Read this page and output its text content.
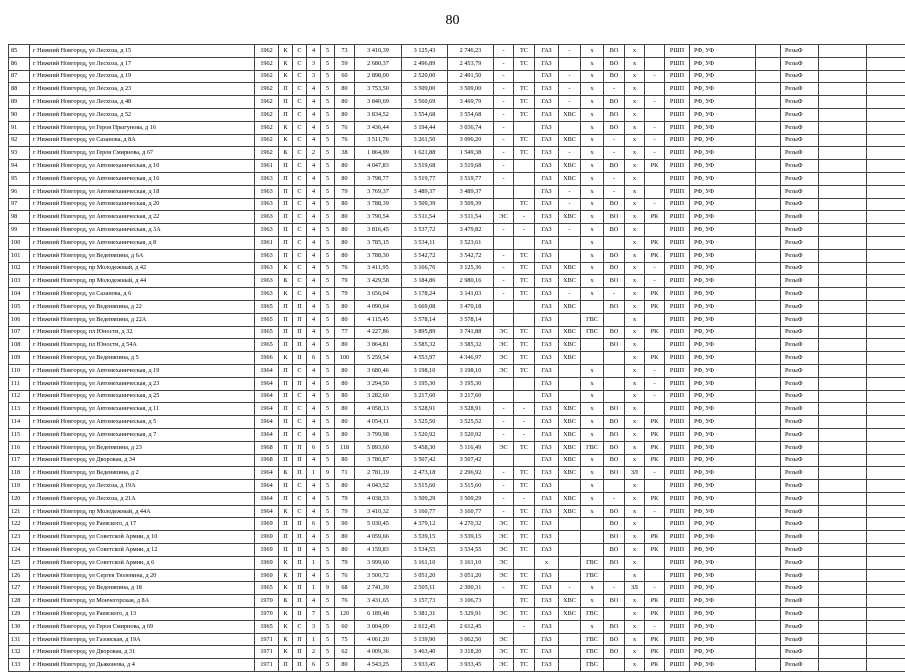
80
85	г Нижний Новгород, ул Лесхоза, д 15	1962	К	С	4	5	73	3 410,39	3 125,43	2 746,23	-	ТС	ГАЗ	-	х	ВО	х		РШП	РФ, УФ		РезыФ		
86	г Нижний Новгород, ул Лесхоза, д 17	1962	К	С	3	5	59	2 680,37	2 496,89	2 453,79	-	ТС	ГАЗ		х	ВО	х		РШП	РФ, УФ		РезыФ		
87	г Нижний Новгород, ул Лесхоза, д 19	1962	К	С	3	5	60	2 898,00	2 520,00	2 491,50	-		ГАЗ	-	х	ВО	х	-	РШП	РФ, УФ		РезыФ		
88	г Нижний Новгород, ул Лесхоза, д 23	1962	П	С	4	5	80	3 753,50	3 509,00	3 509,00	-	ТС	ГАЗ	-	х	-	х		РШП	РФ, УФ		РезыФ		
89	г Нижний Новгород, ул Лесхоза, д 48	1962	П	С	4	5	80	3 840,69	3 560,69	3 469,79	-	ТС	ГАЗ	-	х	ВО	х	-	РШП	РФ, УФ		РезыФ		
90	г Нижний Новгород, ул Лесхоза, д 52	1962	П	С	4	5	80	3 834,52	3 554,68	3 554,68	-	ТС	ГАЗ	ХВС	х	ВО	х		РШП	РФ, УФ		РезыФ		
91	г Нижний Новгород, ул Героя Прыгунова, д 16	1962	К	С	4	5	76	3 436,44	3 194,44	3 036,74	-		ГАЗ		х	ВО	х	-	РШП	РФ, УФ		РезыФ		
92	г Нижний Новгород, ул Сазанова, д 8А	1962	К	С	4	5	76	3 511,76	3 261,50	3 096,20	-	ТС	ГАЗ	ХВС	х	-	х	-	РШП	РФ, УФ		РезыФ		
93	г Нижний Новгород, ул Героя Смирнова, д 67	1962	К	С	2	5	38	1 864,99	1 621,88	1 549,38	-	ТС	ГАЗ	-	х	-	х	-	РШП	РФ, УФ		РезыФ		
94	г Нижний Новгород, ул Автомеханическая, д 10	1961	П	С	4	5	80	4 047,83	3 519,68	3 519,68	-		ГАЗ	ХВС	х	ВО	х	РК	РШП	РФ, УФ		РезыФ		
95	г Нижний Новгород, ул Автомеханическая, д 16	1963	П	С	4	5	80	3 798,77	3 519,77	3 519,77	-		ГАЗ	ХВС	х	-	х		РШП	РФ, УФ		РезыФ		
96	г Нижний Новгород, ул Автомеханическая, д 18	1963	П	С	4	5	79	3 769,37	3 489,37	3 489,37			ГАЗ	-	х	-	х		РШП	РФ, УФ		РезыФ		
97	г Нижний Новгород, ул Автомеханическая, д 20	1963	П	С	4	5	80	3 788,39	3 509,39	3 509,39		ТС	ГАЗ	-	х	ВО	х	-	РШП	РФ, УФ		РезыФ		
98	г Нижний Новгород, ул Автомеханическая, д 22	1963	П	С	4	5	80	3 790,54	3 511,54	3 511,54	ЭС	-	ГАЗ	ХВС	х	ВО	х	РК	РШП	РФ, УФ		РезыФ		
99	г Нижний Новгород, ул Автомеханическая, д 3А	1963	П	С	4	5	80	3 816,45	3 537,72	3 479,82	-	-	ГАЗ	-	х	ВО	х		РШП	РФ, УФ		РезыФ		
100	г Нижний Новгород, ул Автомеханическая, д 8	1961	П	С	4	5	80	3 785,15	3 534,11	3 523,61			ГАЗ		х		х	РК	РШП	РФ, УФ		РезыФ		
101	г Нижний Новгород, ул Веденяпина, д 6А	1963	П	С	4	5	80	3 788,30	3 542,72	3 542,72	-	ТС	ГАЗ		х	ВО	х	РК	РШП	РФ, УФ		РезыФ		
102	г Нижний Новгород, пр Молодежный, д 42	1963	К	С	4	5	76	3 411,95	3 166,76	3 125,36	-	ТС	ГАЗ	ХВС	х	ВО	х	-	РШП	РФ, УФ		РезыФ		
103	г Нижний Новгород, пр Молодежный, д 44	1963	К	С	4	5	79	3 429,58	3 184,86	2 980,16	-	ТС	ГАЗ	ХВС	х	ВО	х	-	РШП	РФ, УФ		РезыФ		
104	г Нижний Новгород, ул Сазанова, д 6	1963	К	С	4	5	79	3 656,04	3 178,24	3 141,03	-	ТС	ГАЗ	-	х	-	х	РК	РШП	РФ, УФ		РезыФ		
105	г Нижний Новгород, ул Веденяпина, д 22	1965	П	П	4	5	80	4 090,64	3 669,08	3 470,18			ГАЗ	ХВС		ВО	х	РК	РШП	РФ, УФ		РезыФ		
106	г Нижний Новгород, ул Веденяпина, д 22А	1965	П	П	4	5	80	4 115,45	3 578,14	3 578,14			ГАЗ		ГВС		х		РШП	РФ, УФ		РезыФ		
107	г Нижний Новгород, пл Юности, д 32	1965	П	П	4	5	77	4 227,86	3 895,89	3 741,88	ЭС	ТС	ГАЗ	ХВС	ГВС	ВО	х	РК	РШП	РФ, УФ		РезыФ		
108	г Нижний Новгород, пл Юности, д 54А	1965	П	П	4	5	80	3 864,81	3 585,32	3 585,32	ЭС	ТС	ГАЗ	ХВС		ВО	х		РШП	РФ, УФ		РезыФ		
109	г Нижний Новгород, ул Веденяпина, д 5	1966	К	П	6	5	100	5 259,54	4 553,97	4 346,97	ЭС	ТС	ГАЗ	ХВС			х	РК	РШП	РФ, УФ		РезыФ		
110	г Нижний Новгород, ул Автомеханическая, д 19	1964	П	С	4	5	80	3 680,46	3 198,10	3 198,10	ЭС	ТС	ГАЗ		х		х	-	РШП	РФ, УФ		РезыФ		
111	г Нижний Новгород, ул Автомеханическая, д 23	1964	П	П	4	5	80	3 294,50	3 195,30	3 195,30			ГАЗ		х		х	-	РШП	РФ, УФ		РезыФ		
112	г Нижний Новгород, ул Автомеханическая, д 25	1964	П	С	4	5	80	3 282,60	3 217,60	3 217,60			ГАЗ		х		х	-	РШП	РФ, УФ		РезыФ		
113	г Нижний Новгород, ул Автомеханическая, д 11	1964	П	С	4	5	80	4 058,13	3 528,91	3 528,91	-	-	ГАЗ	ХВС	х	ВО	х		РШП	РФ, УФ		РезыФ		
114	г Нижний Новгород, ул Автомеханическая, д 5	1964	П	С	4	5	80	4 054,11	3 525,50	3 525,52	-	-	ГАЗ	ХВС	х	ВО	х	РК	РШП	РФ, УФ		РезыФ		
115	г Нижний Новгород, ул Автомеханическая, д 7	1964	П	С	4	5	80	3 799,98	3 520,92	3 520,92	-	-	ГАЗ	ХВС	х	ВО	х	РК	РШП	РФ, УФ		РезыФ		
116	г Нижний Новгород, ул Веденяпина, д 23	1968	П	П	6	5	118	5 893,60	5 458,30	5 116,49	ЭС	ТС	ГАЗ	ХВС	ГВС	ВО	х	РК	РШП	РФ, УФ		РезыФ		
117	г Нижний Новгород, ул Дворовая, д 34	1968	П	П	4	5	80	3 786,87	3 507,42	3 507,42			ГАЗ	ХВС	х	ВО	х	РК	РШП	РФ, УФ		РезыФ		
118	г Нижний Новгород, ул Веденяпина, д 2	1964	К	П	1	9	71	2 781,19	2 473,18	2 296,92	-	ТС	ГАЗ	ХВС	х	ВО	ЗЛ	-	РШП	РФ, УФ		РезыФ		
119	г Нижний Новгород, ул Лесхоза, д 19А	1964	П	С	4	5	80	4 043,52	3 515,60	3 515,60	-	ТС	ГАЗ		х		х		РШП	РФ, УФ		РезыФ		
120	г Нижний Новгород, ул Лесхоза, д 21А	1964	П	С	4	5	79	4 038,33	3 509,29	3 509,29	-	-	ГАЗ	ХВС	х	-	х	РК	РШП	РФ, УФ		РезыФ		
121	г Нижний Новгород, пр Молодежный, д 44А	1964	К	С	4	5	79	3 410,32	3 160,77	3 160,77	-	ТС	ГАЗ	ХВС	х	ВО	х	-	РШП	РФ, УФ		РезыФ		
122	г Нижний Новгород, ул Раевского, д 17	1969	П	П	6	5	90	5 030,45	4 379,12	4 270,32	ЭС	ТС	ГАЗ			ВО	х		РШП	РФ, УФ		РезыФ		
123	г Нижний Новгород, ул Советской Армии, д 10	1969	П	П	4	5	80	4 059,66	3 539,15	3 539,15	ЭС	ТС	ГАЗ			ВО	х	РК	РШП	РФ, УФ		РезыФ		
124	г Нижний Новгород, ул Советской Армии, д 12	1969	П	П	4	5	80	4 159,83	3 534,55	3 534,55	ЭС	ТС	ГАЗ			ВО	х	РК	РШП	РФ, УФ		РезыФ		
125	г Нижний Новгород, ул Советской Армии, д 6	1969	К	П	1	5	79	3 999,60	3 161,10	3 161,10	ЭС		х		ГВС	ВО	х		РШП	РФ, УФ		РезыФ		
126	г Нижний Новгород, ул Сергея Тюленина, д 20	1969	К	П	4	5	76	3 500,72	3 051,20	3 051,20	ЭС	ТС	ГАЗ		ГВС		х		РШП	РФ, УФ		РезыФ		
127	г Нижний Новгород, ул Веденяпина, д 18	1965	К	П	1	9	68	2 741,39	2 505,11	2 300,31	-	ТС	ГАЗ	-	х	-	ЗЛ	-	РШП	РФ, УФ		РезыФ		
128	г Нижний Новгород, ул Мончегорская, д 8А	1970	К	П	4	5	76	3 431,65	3 157,73	3 106,73		ТС	ГАЗ	ХВС	х	ВО	х	РК	РШП	РФ, УФ		РезыФ		
129	г Нижний Новгород, ул Раевского, д 13	1970	К	П	7	5	120	6 189,48	5 381,31	5 329,91	ЭС	ТС	ГАЗ	ХВС	ГВС		х	РК	РШП	РФ, УФ		РезыФ		
130	г Нижний Новгород, ул Героя Смирнова, д 69	1965	К	С	3	5	60	3 004,09	2 612,45	2 612,45		-	ГАЗ		х	ВО	х	-	РШП	РФ, УФ		РезыФ		
131	г Нижний Новгород, ул Газовская, д 19А	1971	К	П	1	5	75	4 061,20	3 139,90	3 062,50	ЭС		ГАЗ		ГВС	ВО	х	РК	РШП	РФ, УФ		РезыФ		
132	г Нижний Новгород, ул Дворовая, д 31	1971	К	П	2	5	62	4 009,36	3 463,40	3 318,20	ЭС	ТС	ГАЗ		ГВС	ВО	х	РК	РШП	РФ, УФ		РезыФ		
133	г Нижний Новгород, ул Дьяконова, д 4	1971	П	П	6	5	80	4 543,25	3 933,45	3 933,45	ЭС	ТС	ГАЗ		ГВС		х	РК	РШП	РФ, УФ		РезыФ		
